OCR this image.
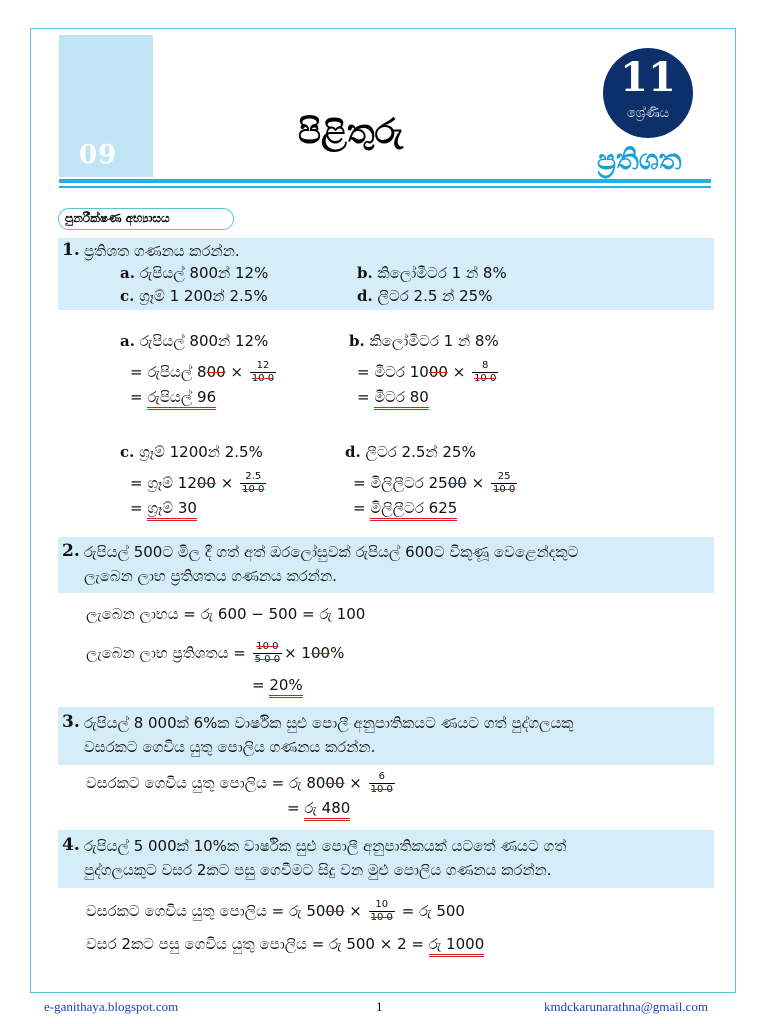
09
පිළිතුරු
11
ශ්‍රේණිය
ප්‍රතිශත
පුනරීක්ෂණ අභ්‍යාසය
1. ප්‍රතිශත ගණනය කරන්න.
a. රුපියල් 800න් 12%	b. කිලෝමීටර 1 න් 8%
c. ග්‍රෑම් 1 200න් 2.5%	d. ලීටර 2.5 න් 25%
a. රුපියල් 800න් 12%
= රුපියල් $800 \times \frac{12}{10 0}$
= රුපියල් 96
b. කිලෝමීටර 1 න් 8%
= මීටර $1000 \times \frac{8}{10 0}$
= මීටර 80
c. ග්‍රෑම් 1200න් 2.5%
= ග්‍රෑම් $1200 \times \frac{2.5}{10 0}$
= ග්‍රෑම් 30
d. ලීටර 2.5න් 25%
= මිලිලීටර $2500 \times \frac{25}{10 0}$
= මිලිලීටර 625
2. රුපියල් 500ට මිල දී ගත් අත් ඔරලෝසුවක් රුපියල් 600ට විකුණූ වෙළෙන්දකුට
ලැබෙන ලාභ ප්‍රතිශතය ගණනය කරන්න.
ලැබෙන ලාභය = රු 600 − 500 = රු 100
ලැබෙන ලාභ ප්‍රතිශතය = $\frac{10 0}{5 0 0} \times 100\%$
= 20%
3. රුපියල් 8 000ක් 6%ක වාර්ෂික සුළු පොලී අනුපාතිකයට ණයට ගත් පුද්ගලයකු
වසරකට ගෙවිය යුතු පොලිය ගණනය කරන්න.
වසරකට ගෙවිය යුතු පොලිය = රු $8000 \times \frac{6}{10 0}$
= රු 480
4. රුපියල් 5 000ක් 10%ක වාර්ෂික සුළු පොලී අනුපාතිකයක් යටතේ ණයට ගත්
පුද්ගලයකුට වසර 2කට පසු ගෙවීමට සිදු වන මුළු පොලිය ගණනය කරන්න.
වසරකට ගෙවිය යුතු පොලිය = රු $5000 \times \frac{10}{10 0}$ = රු 500
වසර 2කට පසු ගෙවිය යුතු පොලිය = රු 500 × 2 = රු 1000
e-ganithaya.blogspot.com	1	kmdckarunarathna@gmail.com
